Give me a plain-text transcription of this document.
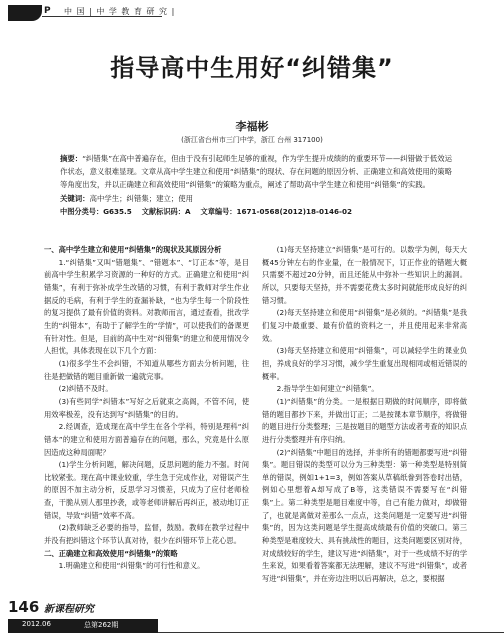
P 中 国 | 中 学 教 育 研 究 |
指导高中生用好“纠错集”
李福彬
(浙江省台州市三门中学，浙江 台州 317100)

摘要：“纠错集”在高中普遍存在，但由于没有引起师生足够的重视，作为学生提升成绩的的重要环节——纠错做于低效运作状态，意义很难显现。文章从高中学生建立和使用“纠错集”的现状、存在问题的原因分析、正确建立和高效使用的策略等角度出发，并以正确建立和高效使用“纠错集”的策略为重点，阐述了帮助高中学生建立和使用“纠错集”的实践。

关键词：高中学生；纠错集；建立；使用

中图分类号：G635.5 文献标识码：A 文章编号：1671-0568(2012)18-0146-02

一、高中学生建立和使用“纠错集”的现状及其原因分析

1.“纠错集”又叫“错题集”、“错题本”、“订正本”等，是目前高中学生积累学习资源的一种好的方式。正确建立和使用“纠错集”，有利于弥补成学生改错的习惯，有利于教师对学生作业据反的毛病，有利于学生的查漏补缺，“也为学生每一个阶段性的复习提供了最有价值的资料。对教师而言，通过查看，批改学生的“纠错本”，有助于了解学生的“学情”，可以使我们的备课更有针对性。但是，目前的高中生对“纠错集”的建立和使用情况令人担忧，具体表现在以下几个方面：

(1)很多学生不会纠错，不知道从哪些方面去分析问题，往往是把做错的题目重新做一遍就完事。

(2)纠错不及时。

(3)有些同学“纠错本”写好之后就束之高阁，不管不问，使用效率极差，没有达到写“纠错集”的目的。

2.经调查，造成现在高中学生在各个学科，特别是理科“纠错本”的建立和使用方面普遍存在的问题，那么，究竟是什么原因造成这种局面呢？

(1)学生分析问题，解决问题，反思问题的能力不强。时间比较紧张。现在高中课业较重，学生急于完成作业，对错误产生的原因不加主动分析，反思学习习惯差，只成为了应付老师检查，干脆从别人那里抄袭，或等老师讲解后再纠正，被动地订正错误，导致“纠错”效率不高。

(2)教师缺乏必要的指导，监督，鼓励。教师在教学过程中并没有把纠错这个环节认真对待，很少在纠错环节上花心思。

二、正确建立和高效使用“纠错集”的策略

1.明确建立和使用“纠错集”的可行性和意义。

(1)每天坚持建立“纠错集”是可行的。以数学为例，每天大概45分钟左右的作业量，在一般情况下，订正作业的错题大概只需要不超过20分钟，而且还能从中弥补一些知识上的漏洞。所以，只要每天坚持，并不需要花费太多时间就能形成良好的纠错习惯。

(2)每天坚持建立和使用“纠错集”是必须的。“纠错集”是我们复习中最重要、最有价值的资料之一，并且使用起来非常高效。

(3)每天坚持建立和使用“纠错集”，可以减轻学生的课业负担，养成良好的学习习惯，减少学生重复出现相同或相近错误的概率。

2.指导学生如何建立“纠错集”。

(1)“纠错集”的分类。一是根据日期做的时间顺序，即将做错的题目都抄下来，并做出订正；二是按课本章节顺序，将做错的题目进行分类整理；三是按题目的题型方法或者考查的知识点进行分类整理并有序归纳。

(2)“纠错集”中题目的选择，并非所有的错题都要写进“纠错集”。题目错误的类型可以分为三种类型：第一种类型是特别简单的错误，例如1+1=3，例如答案从草稿纸誊到答卷时出错，例如心里想着A却写成了B等，这类错误不需要写在“纠错集”上。第二种类型是题目难度中等，自己有能力做对，却做错了，也就是离做对差那么一点点，这类问题是一定要写进“纠错集”的，因为这类问题是学生提高成绩最有价值的突破口。第三种类型是难度较大、具有挑战性的题目，这类问题要区别对待，对成绩较好的学生，建议写进“纠错集”，对于一些成绩不好的学生来说，如果看着答案都无法理解，建议不写进“纠错集”，或者写进“纠错集”，并在旁边注明以后再解决，总之，要根据

146 新课程研究
2012.06	总第262期
